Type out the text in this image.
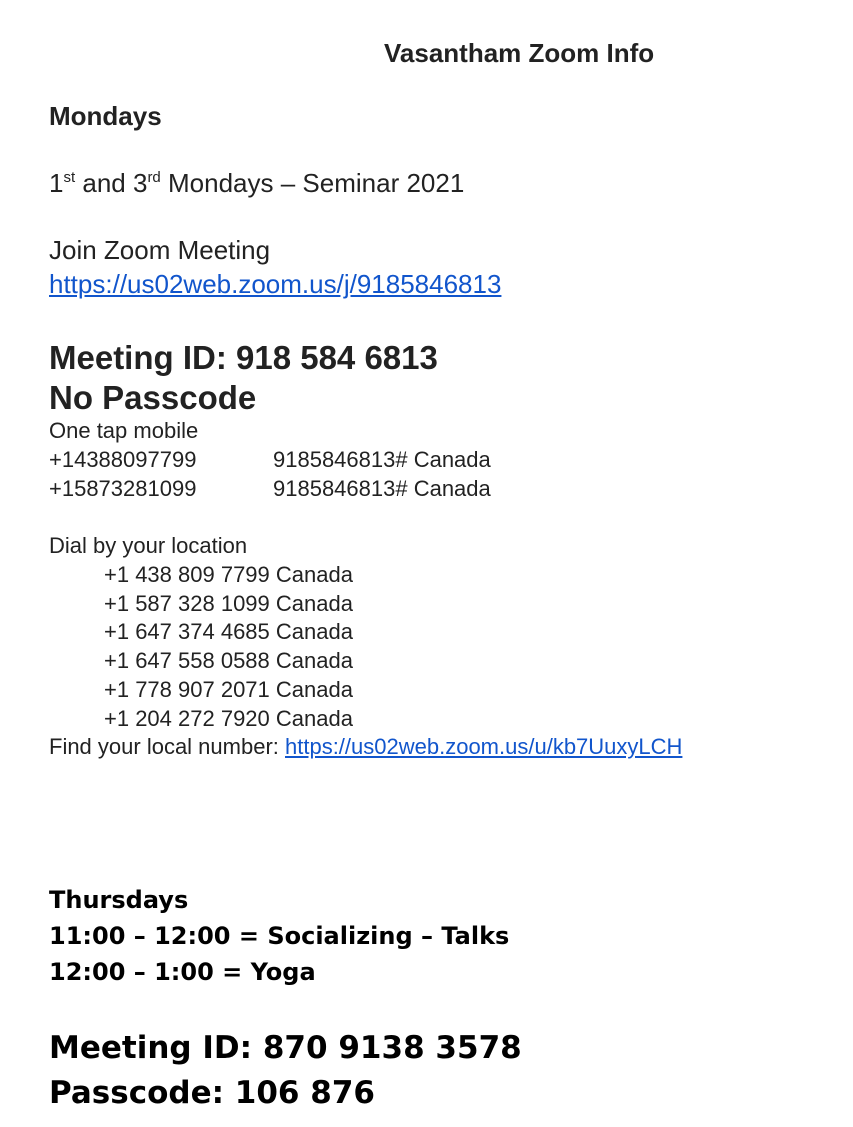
Vasantham Zoom Info
Mondays
1st and 3rd Mondays – Seminar 2021
Join Zoom Meeting
https://us02web.zoom.us/j/9185846813
Meeting ID: 918 584 6813
No Passcode
One tap mobile
+14388097799	9185846813# Canada
+15873281099	9185846813# Canada
Dial by your location
+1 438 809 7799 Canada
+1 587 328 1099 Canada
+1 647 374 4685 Canada
+1 647 558 0588 Canada
+1 778 907 2071 Canada
+1 204 272 7920 Canada
Find your local number: https://us02web.zoom.us/u/kb7UuxyLCH
Thursdays
11:00 – 12:00 = Socializing – Talks
12:00 – 1:00 = Yoga
Meeting ID: 870 9138 3578
Passcode: 106 876
